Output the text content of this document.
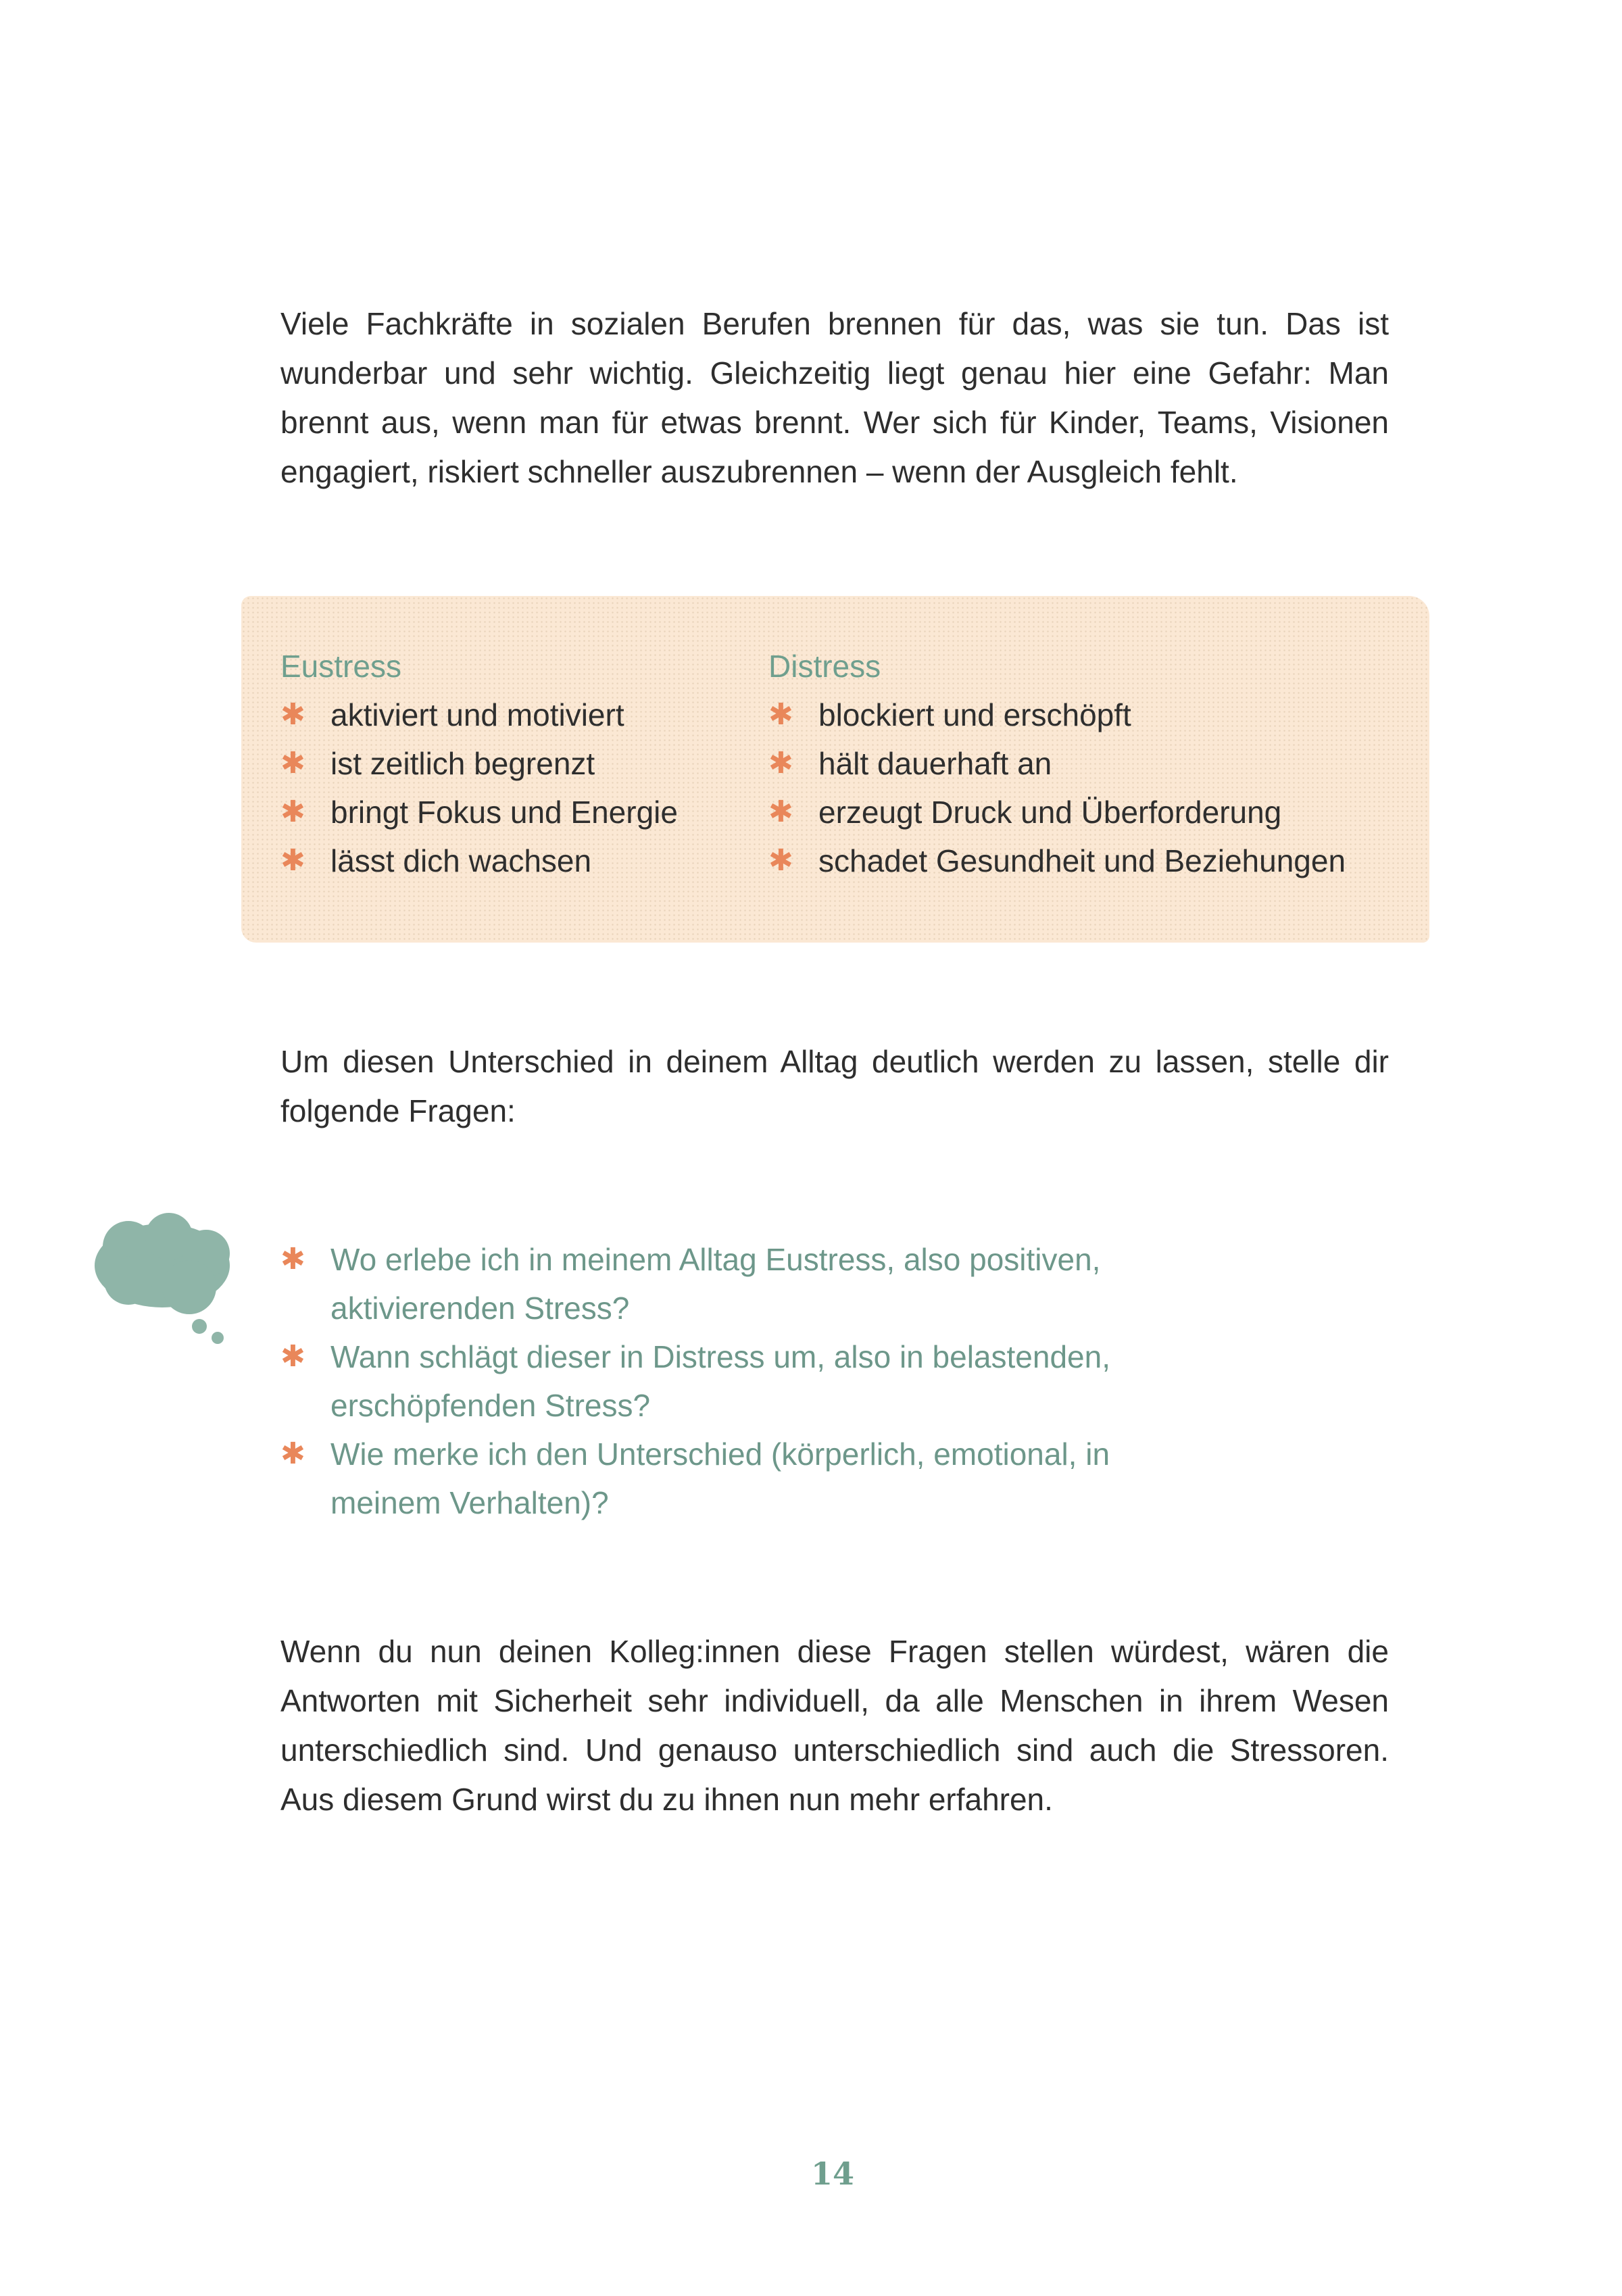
Viele Fachkräfte in sozialen Berufen brennen für das, was sie tun. Das ist wunderbar und sehr wichtig. Gleichzeitig liegt genau hier eine Gefahr: Man brennt aus, wenn man für etwas brennt. Wer sich für Kinder, Teams, Visionen engagiert, riskiert schneller auszubrennen – wenn der Ausgleich fehlt.

Eustress
✱ aktiviert und motiviert
✱ ist zeitlich begrenzt
✱ bringt Fokus und Energie
✱ lässt dich wachsen
Distress
✱ blockiert und erschöpft
✱ hält dauerhaft an
✱ erzeugt Druck und Überforderung
✱ schadet Gesundheit und Beziehungen

Um diesen Unterschied in deinem Alltag deutlich werden zu lassen, stelle dir folgende Fragen:

✱ Wo erlebe ich in meinem Alltag Eustress, also positiven, aktivierenden Stress?
✱ Wann schlägt dieser in Distress um, also in belastenden, erschöpfenden Stress?
✱ Wie merke ich den Unterschied (körperlich, emotional, in meinem Verhalten)?

Wenn du nun deinen Kolleg:innen diese Fragen stellen würdest, wären die Antworten mit Sicherheit sehr individuell, da alle Menschen in ihrem Wesen unterschiedlich sind. Und genauso unterschiedlich sind auch die Stressoren. Aus diesem Grund wirst du zu ihnen nun mehr erfahren.

14
